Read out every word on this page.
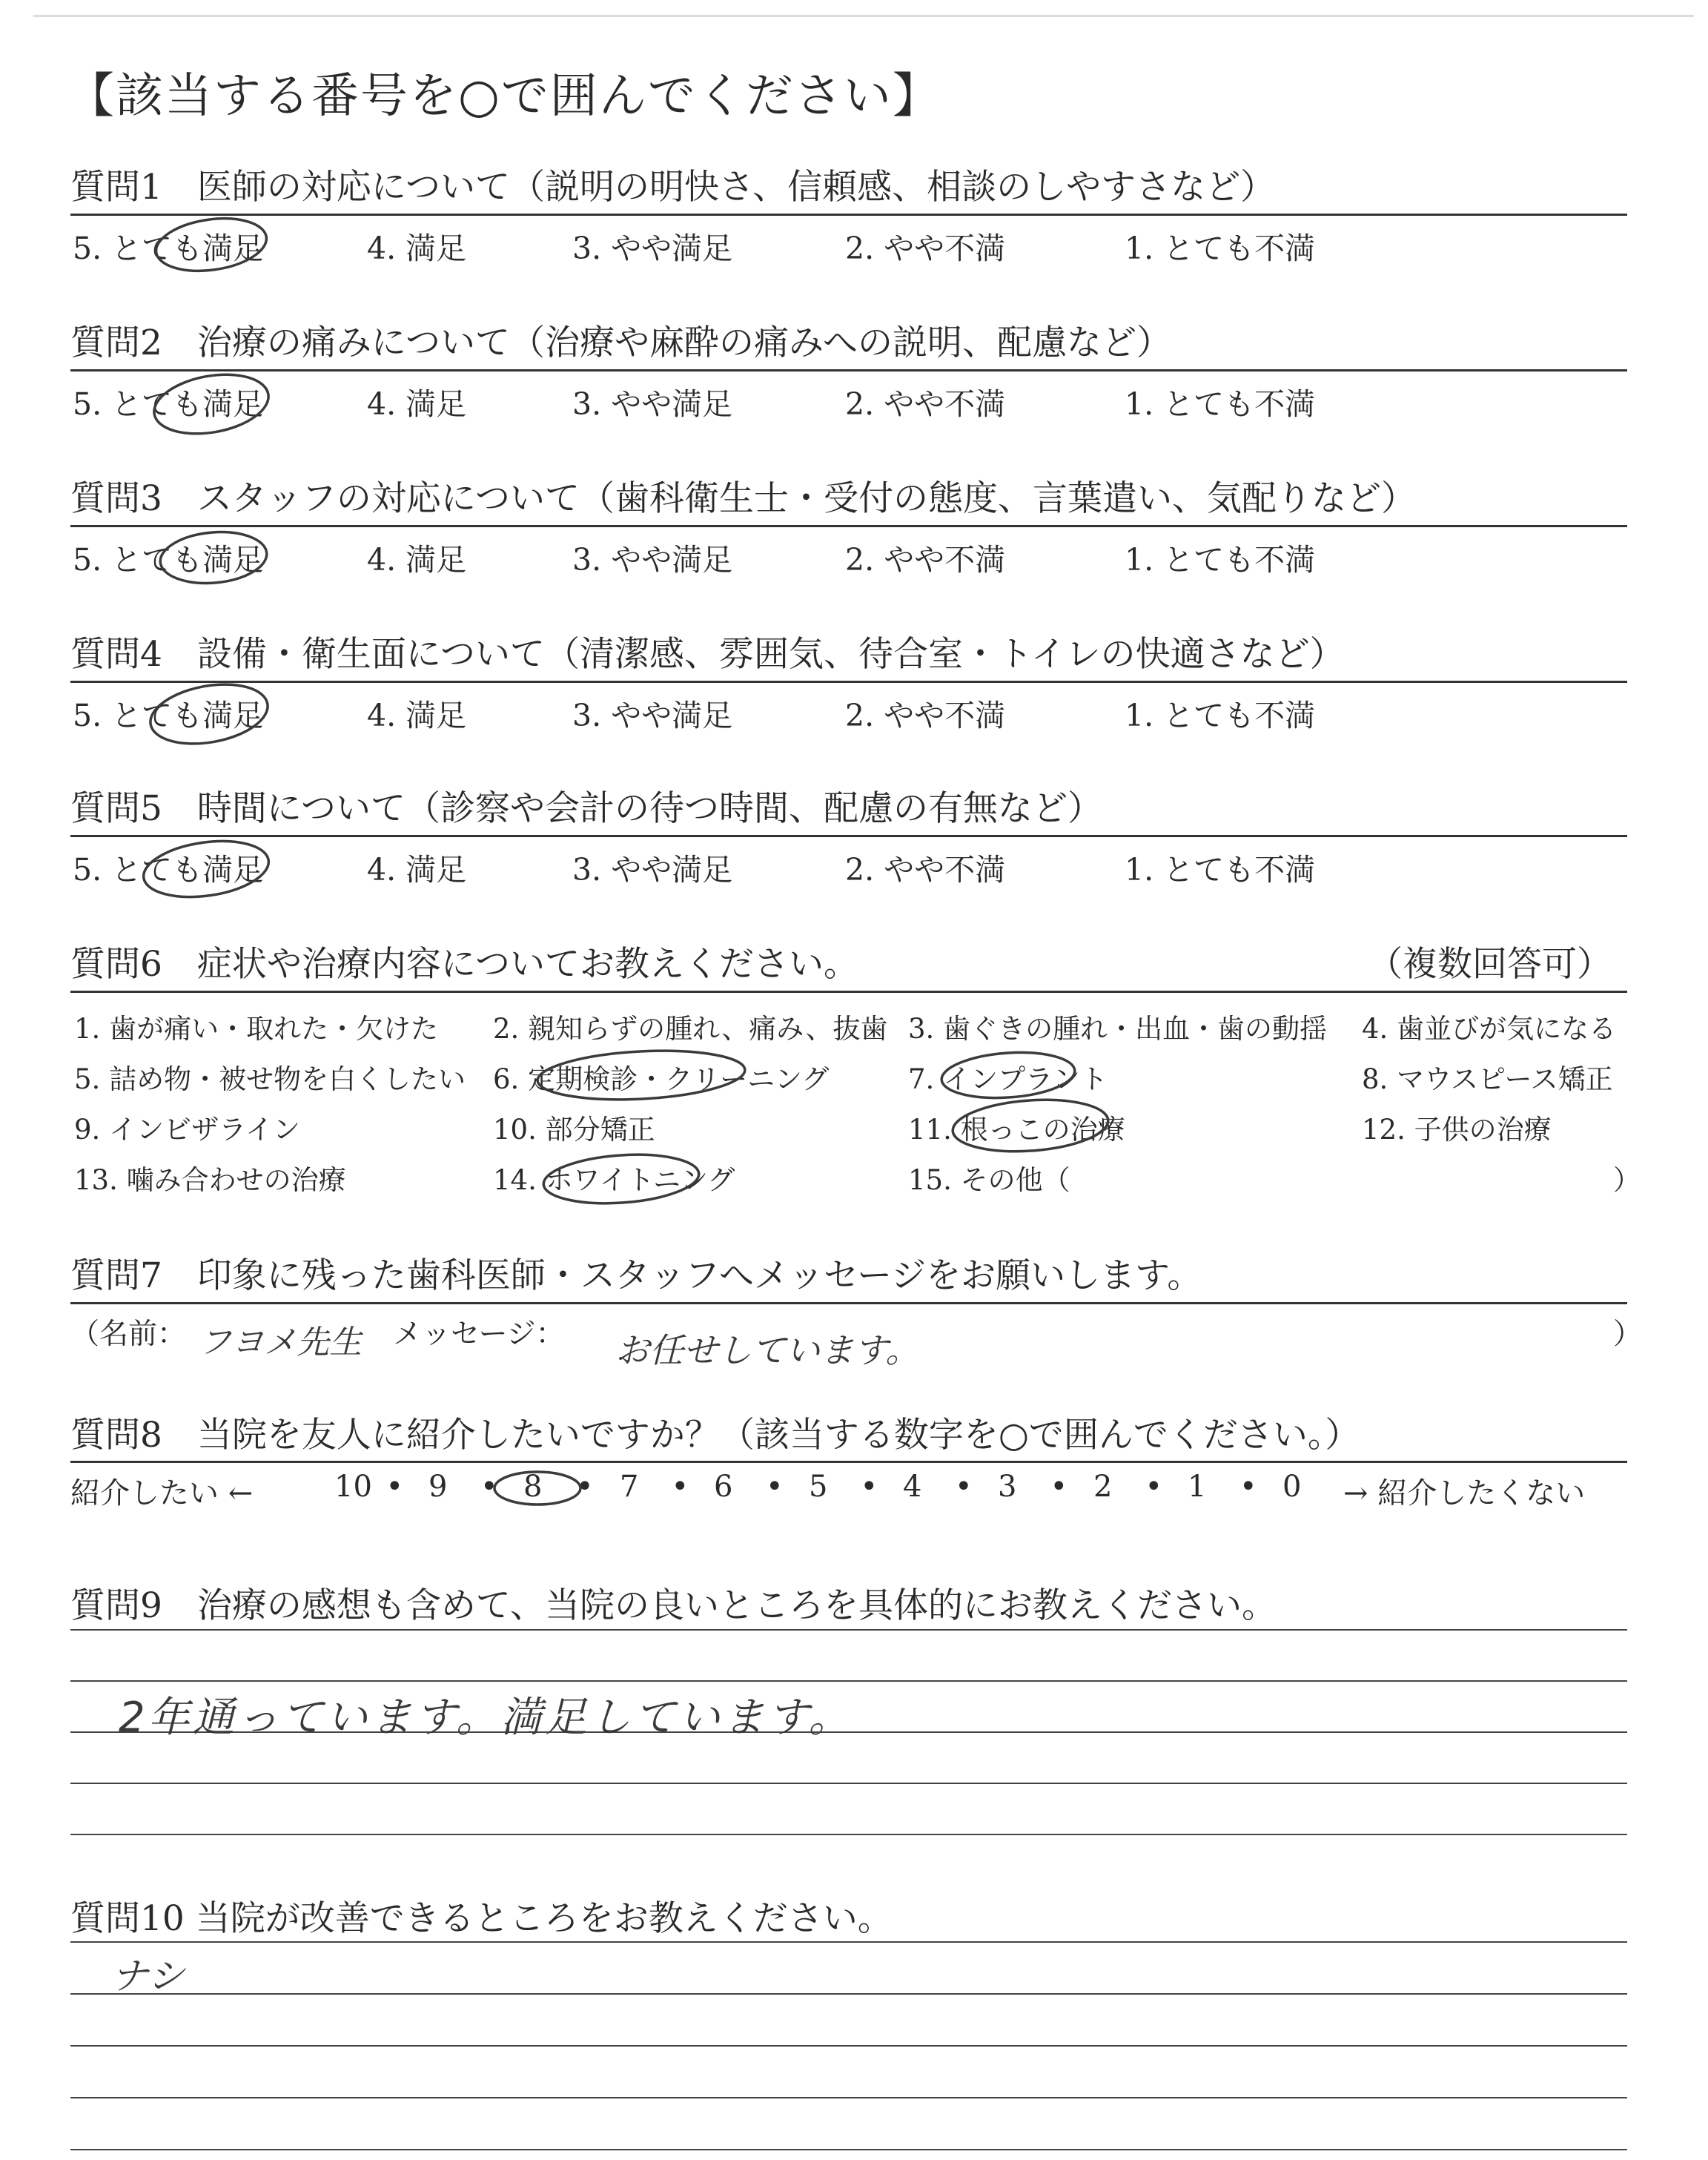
【該当する番号を○で囲んでください】
質問1　医師の対応について（説明の明快さ、信頼感、相談のしやすさなど）
5. とても満足	4. 満足	3. やや満足	2. やや不満	1. とても不満
質問2　治療の痛みについて（治療や麻酔の痛みへの説明、配慮など）
5. とても満足	4. 満足	3. やや満足	2. やや不満	1. とても不満
質問3　スタッフの対応について（歯科衛生士・受付の態度、言葉遣い、気配りなど）
5. とても満足	4. 満足	3. やや満足	2. やや不満	1. とても不満
質問4　設備・衛生面について（清潔感、雰囲気、待合室・トイレの快適さなど）
5. とても満足	4. 満足	3. やや満足	2. やや不満	1. とても不満
質問5　時間について（診察や会計の待つ時間、配慮の有無など）
5. とても満足	4. 満足	3. やや満足	2. やや不満	1. とても不満
質問6　症状や治療内容についてお教えください。	（複数回答可）
1. 歯が痛い・取れた・欠けた 2. 親知らずの腫れ、痛み、抜歯 3. 歯ぐきの腫れ・出血・歯の動揺 4. 歯並びが気になる
5. 詰め物・被せ物を白くしたい 6. 定期検診・クリーニング	7. インプラント	8. マウスピース矯正
9. インビザライン	10. 部分矯正	11. 根っこの治療	12. 子供の治療
13. 噛み合わせの治療	14. ホワイトニング	15. その他（	）
質問7　印象に残った歯科医師・スタッフへメッセージをお願いします。
（名前： フヨメ先生 メッセージ： お任せしています。	）
質問8　当院を友人に紹介したいですか？（該当する数字を○で囲んでください。）
紹介したい ←	→ 紹介したくない
10 • 9 • 8 • 7 • 6 • 5 • 4 • 3 • 2 • 1 • 0
質問9　治療の感想も含めて、当院の良いところを具体的にお教えください。
2年通っています。満足しています。
質問10 当院が改善できるところをお教えください。
ナシ
